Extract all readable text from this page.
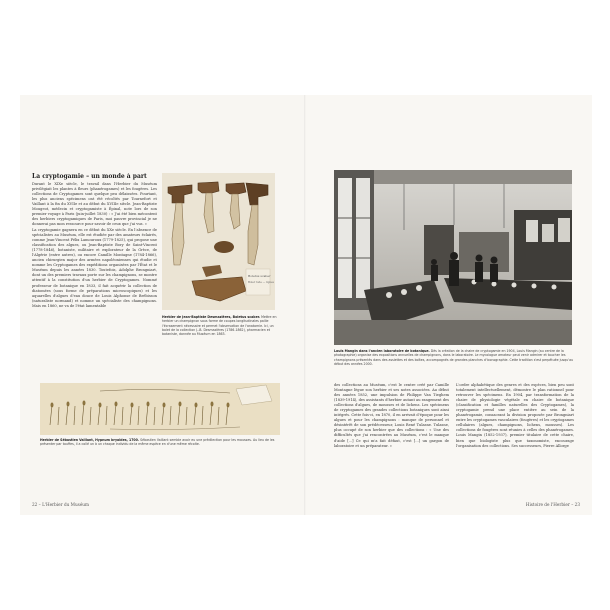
La cryptogamie – un monde à part

Durant le XIXe siècle, le travail dans l'Herbier du Muséum privilégiait les plantes à fleurs (phanérogames) et les fougères. Les collections de Cryptogames sont quelque peu délaissées. Pourtant, les plus anciens spécimens ont été récoltés par Tournefort et Vaillant à la fin du XVIIe et au début du XVIIIe siècle. Jean-Baptiste Mougeot, médecin et cryptogamiste à Épinal, note lors de son premier voyage à Paris (juin-juillet 1830) : « J'ai été bien mécontent des herbiers cryptogamiques de Paris, moi pauvre provincial je ne donnerai pas mon ressource pour savoir de ceux que j'ai vus. »

La cryptogamie gagnera en ce début du XXe siècle. En l'absence de spécialistes au Muséum, elle est étudiée par des amateurs éclairés, comme Jean-Vincent Félix Lamouroux (1779-1825), qui propose une classification des algues, ou Jean-Baptiste Bory de Saint-Vincent (1778-1846), botaniste, militaire et explorateur de la Grèce, de l'Algérie (entre autres), ou encore Camille Montagne (1784-1866), ancien chirurgien major des armées napoléoniennes qui étudie et nomme les Cryptogames des expéditions organisées par l'État et le Muséum depuis les années 1830. Toutefois, Adolphe Brongniart, dont un des premiers travaux porte sur les champignons, se montre attentif à la constitution d'un herbier de Cryptogames. Nommé professeur de botanique en 1833, il fait acquérir la collection de diatomées (sous forme de préparations microscopiques) et les aquarelles d'algues d'eau douce de Louis Alphonse de Brébisson (naturaliste normand) et nomme un spécialiste des champignons. Mais en 1860, ne va de l'état lamentable

Boletus scaber
Bolet rude — lignes
Herbier de Jean-Baptiste Desmazières, Boletus scaber. Mettre en herbier un champignon sous forme de coupes longitudinales pallie l'écrasement nécessaire et permet l'observation de l'anatomie. Ici, un bolet de la collection J.-B. Desmazières (1786-1862), pharmacien et botaniste, donnée au Muséum en 1863.
Herbier de Sébastien Vaillant, Hypnum bryoides, 1700. Sébastien Vaillant semble avoir eu une prédilection pour les mousses. Au lieu de les présenter par touffes, il a collé un à un chaque individu de la même espèce en d'une même récolte.
22 – L'Herbier du Muséum
Louis Mangin dans l'ancien laboratoire de botanique. Dès la création de la chaire de cryptogamie en 1904, Louis Mangin (au centre de la photographie) organise des expositions annuelles de champignons, dans le laboratoire. Le mycologue amateur peut venir admirer et toucher les champignons présentés dans des assiettes et des boîtes, accompagnés de grandes planches d'iconographie. Cette tradition s'est perpétuée jusqu'au début des années 2000.
des collections au Muséum, c'est le centre créé par Camille Montagne lègue son herbier et ses notes associées. Au début des années 1852, une impulsion de Philippe Van Tieghem (1839-1914), des assistants d'herbier autant au rangement des collections d'algues, de mousses et de lichens. Les spécimens de cryptogames des grandes collections botaniques sont ainsi intégrés. Cette fois-ci, en 1870, il en arrivait d'époque pour les algues et pour les champignons : manque de personnel et désintérêt de son prédécesseur, Louis René Tulasne. Tulasne, plus occupé de son herbier que des collections : « Une des difficultés que j'ai rencontrées au Muséum, c'est le manque d'aide [...] Ce qui m'a fait défaut, c'est [...] un gargon de laboratoire et un préparateur. »
L'ordre alphabétique des genres et des espèces, bien peu sont totalement intellectuellement, démontre le plan rationnel pour retrouver les spécimens. En 1904, par transformation de la chaire de physiologie végétale en chaire de botanique (classification et familles naturelles des Cryptogames), la cryptogamie prend une place entière au sein de la phanérogamie, consacrant la division proposée par Brongniart entre les cryptogames vasculaires (fougères) et les cryptogames cellulaires (algues, champignons, lichens, mousses). Les collections de fougères sont réunies à celles des phanérogames. Louis Mangin (1852-1937), premier titulaire de cette chaire, bien que biologiste plus que taxonomiste, encourage l'organisation des collections. Ses successeurs, Pierre Allorge
Histoire de l'Herbier – 23
